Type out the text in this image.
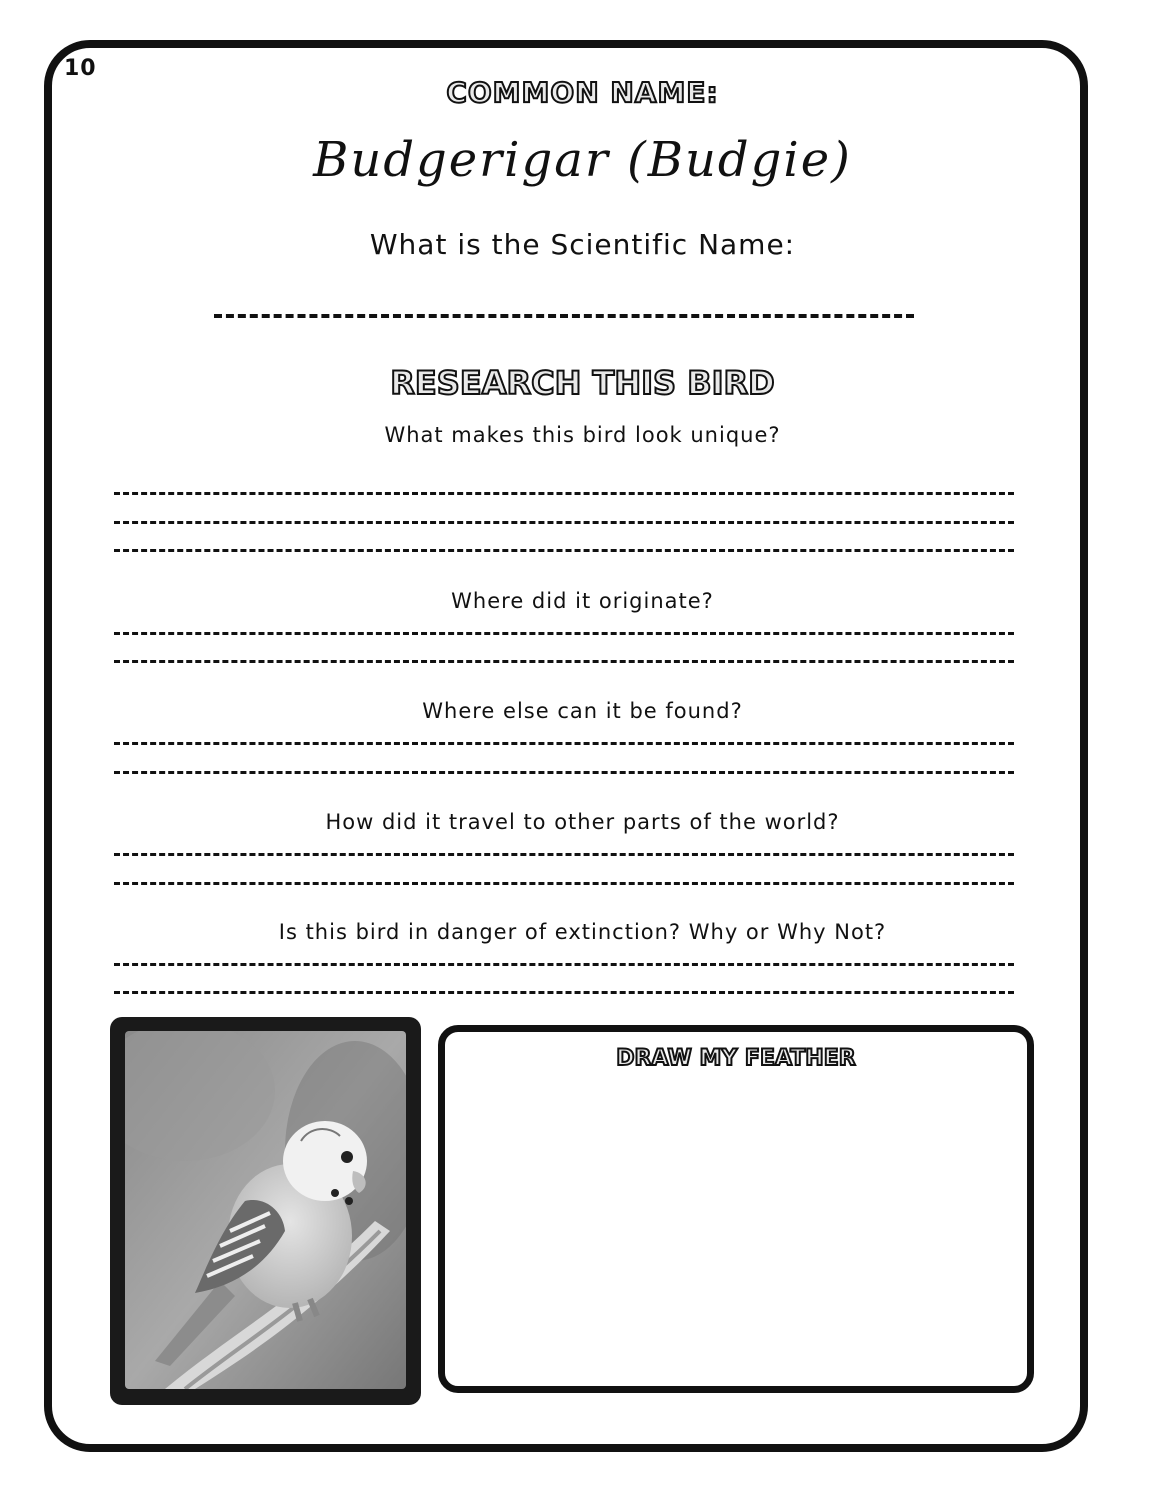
10
COMMON NAME:
Budgerigar (Budgie)
What is the Scientific Name:
RESEARCH THIS BIRD
What makes this bird look unique?
Where did it originate?
Where else can it be found?
How did it travel to other parts of the world?
Is this bird in danger of extinction? Why or Why Not?
DRAW MY FEATHER
